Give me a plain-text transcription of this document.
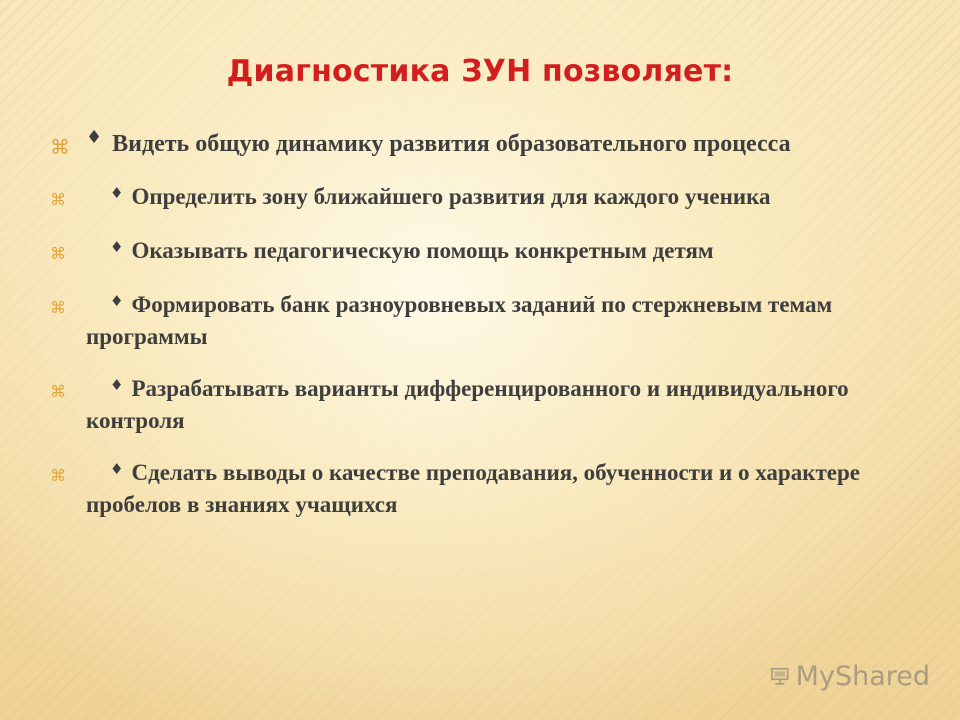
Диагностика ЗУН позволяет:
⌘ ♦ Видеть общую динамику развития образовательного процесса
⌘	♦ Определить зону ближайшего развития для каждого ученика
⌘	♦ Оказывать педагогическую помощь конкретным детям
⌘	♦ Формировать банк разноуровневых заданий по стержневым темам программы
⌘	♦ Разрабатывать варианты дифференцированного и индивидуального контроля
⌘	♦ Сделать выводы о качестве преподавания, обученности и о характере пробелов в знаниях учащихся
MyShared
